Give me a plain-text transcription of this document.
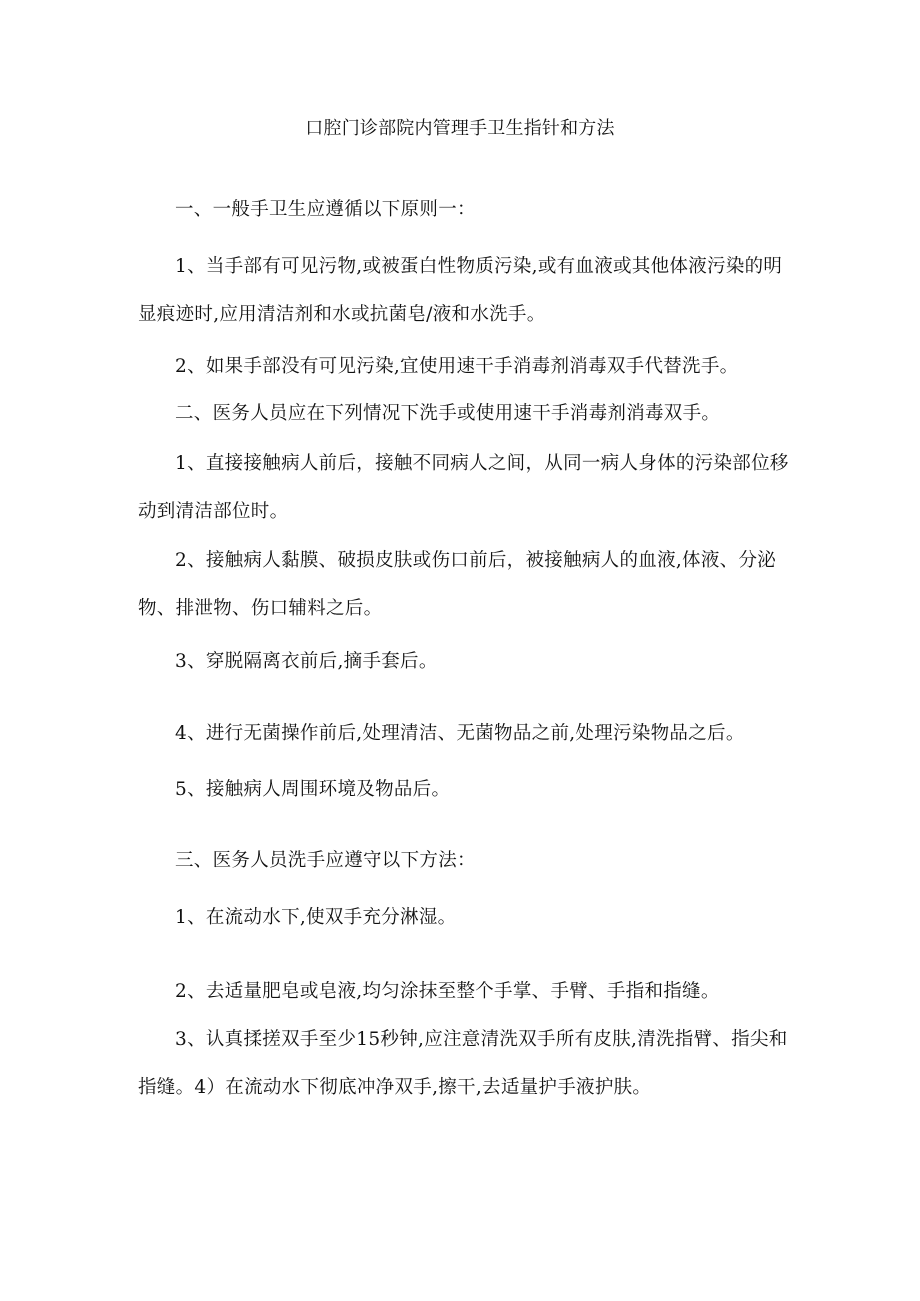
口腔门诊部院内管理手卫生指针和方法

一、一般手卫生应遵循以下原则一：

1、当手部有可见污物,或被蛋白性物质污染,或有血液或其他体液污染的明显痕迹时,应用清洁剂和水或抗菌皂/液和水洗手。

2、如果手部没有可见污染,宜使用速干手消毒剂消毒双手代替洗手。

二、医务人员应在下列情况下洗手或使用速干手消毒剂消毒双手。

1、直接接触病人前后，接触不同病人之间，从同一病人身体的污染部位移动到清洁部位时。

2、接触病人黏膜、破损皮肤或伤口前后，被接触病人的血液,体液、分泌物、排泄物、伤口辅料之后。

3、穿脱隔离衣前后,摘手套后。

4、进行无菌操作前后,处理清洁、无菌物品之前,处理污染物品之后。

5、接触病人周围环境及物品后。

三、医务人员洗手应遵守以下方法：

1、在流动水下,使双手充分淋湿。

2、去适量肥皂或皂液,均匀涂抹至整个手掌、手臂、手指和指缝。

3、认真揉搓双手至少15秒钟,应注意清洗双手所有皮肤,清洗指臂、指尖和指缝。4）在流动水下彻底冲净双手,擦干,去适量护手液护肤。
